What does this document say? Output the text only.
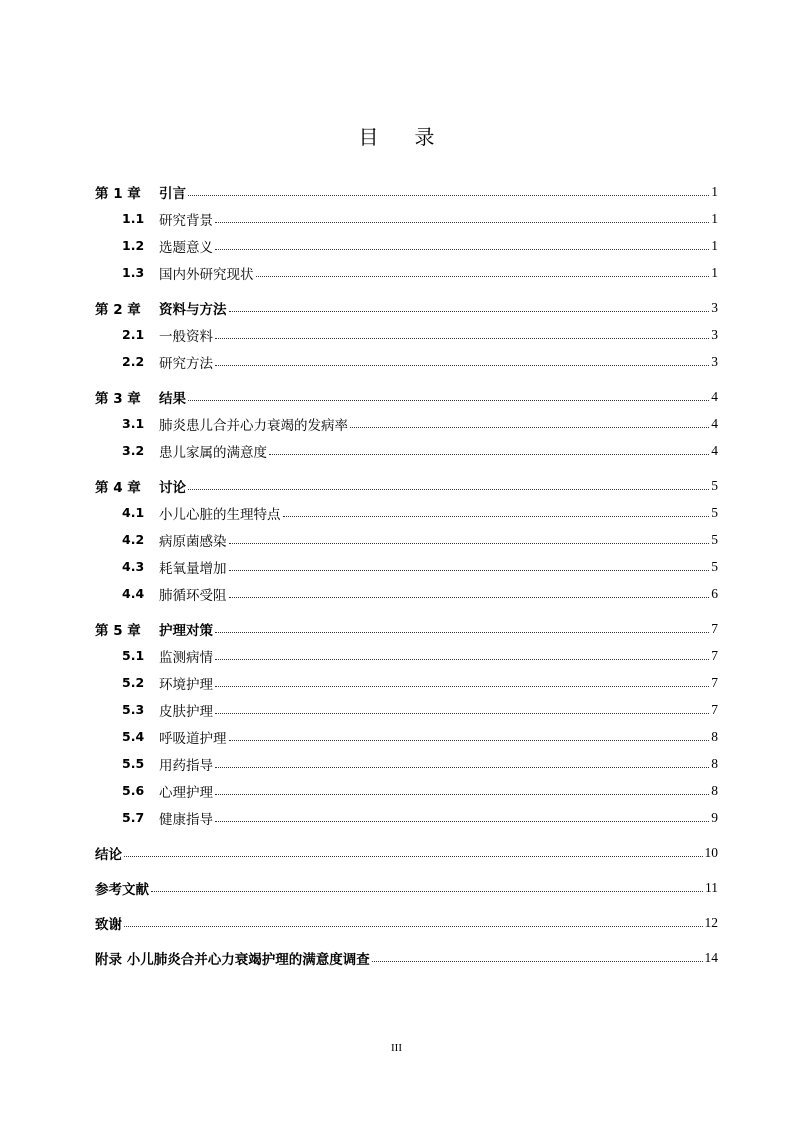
目录
第 1 章	引言	1
1.1	研究背景	1
1.2	选题意义	1
1.3	国内外研究现状	1
第 2 章	资料与方法	3
2.1	一般资料	3
2.2	研究方法	3
第 3 章	结果	4
3.1	肺炎患儿合并心力衰竭的发病率	4
3.2	患儿家属的满意度	4
第 4 章	讨论	5
4.1	小儿心脏的生理特点	5
4.2	病原菌感染	5
4.3	耗氧量增加	5
4.4	肺循环受阻	6
第 5 章	护理对策	7
5.1	监测病情	7
5.2	环境护理	7
5.3	皮肤护理	7
5.4	呼吸道护理	8
5.5	用药指导	8
5.6	心理护理	8
5.7	健康指导	9
结论	10
参考文献	11
致谢	12
附录 小儿肺炎合并心力衰竭护理的满意度调查	14
III
